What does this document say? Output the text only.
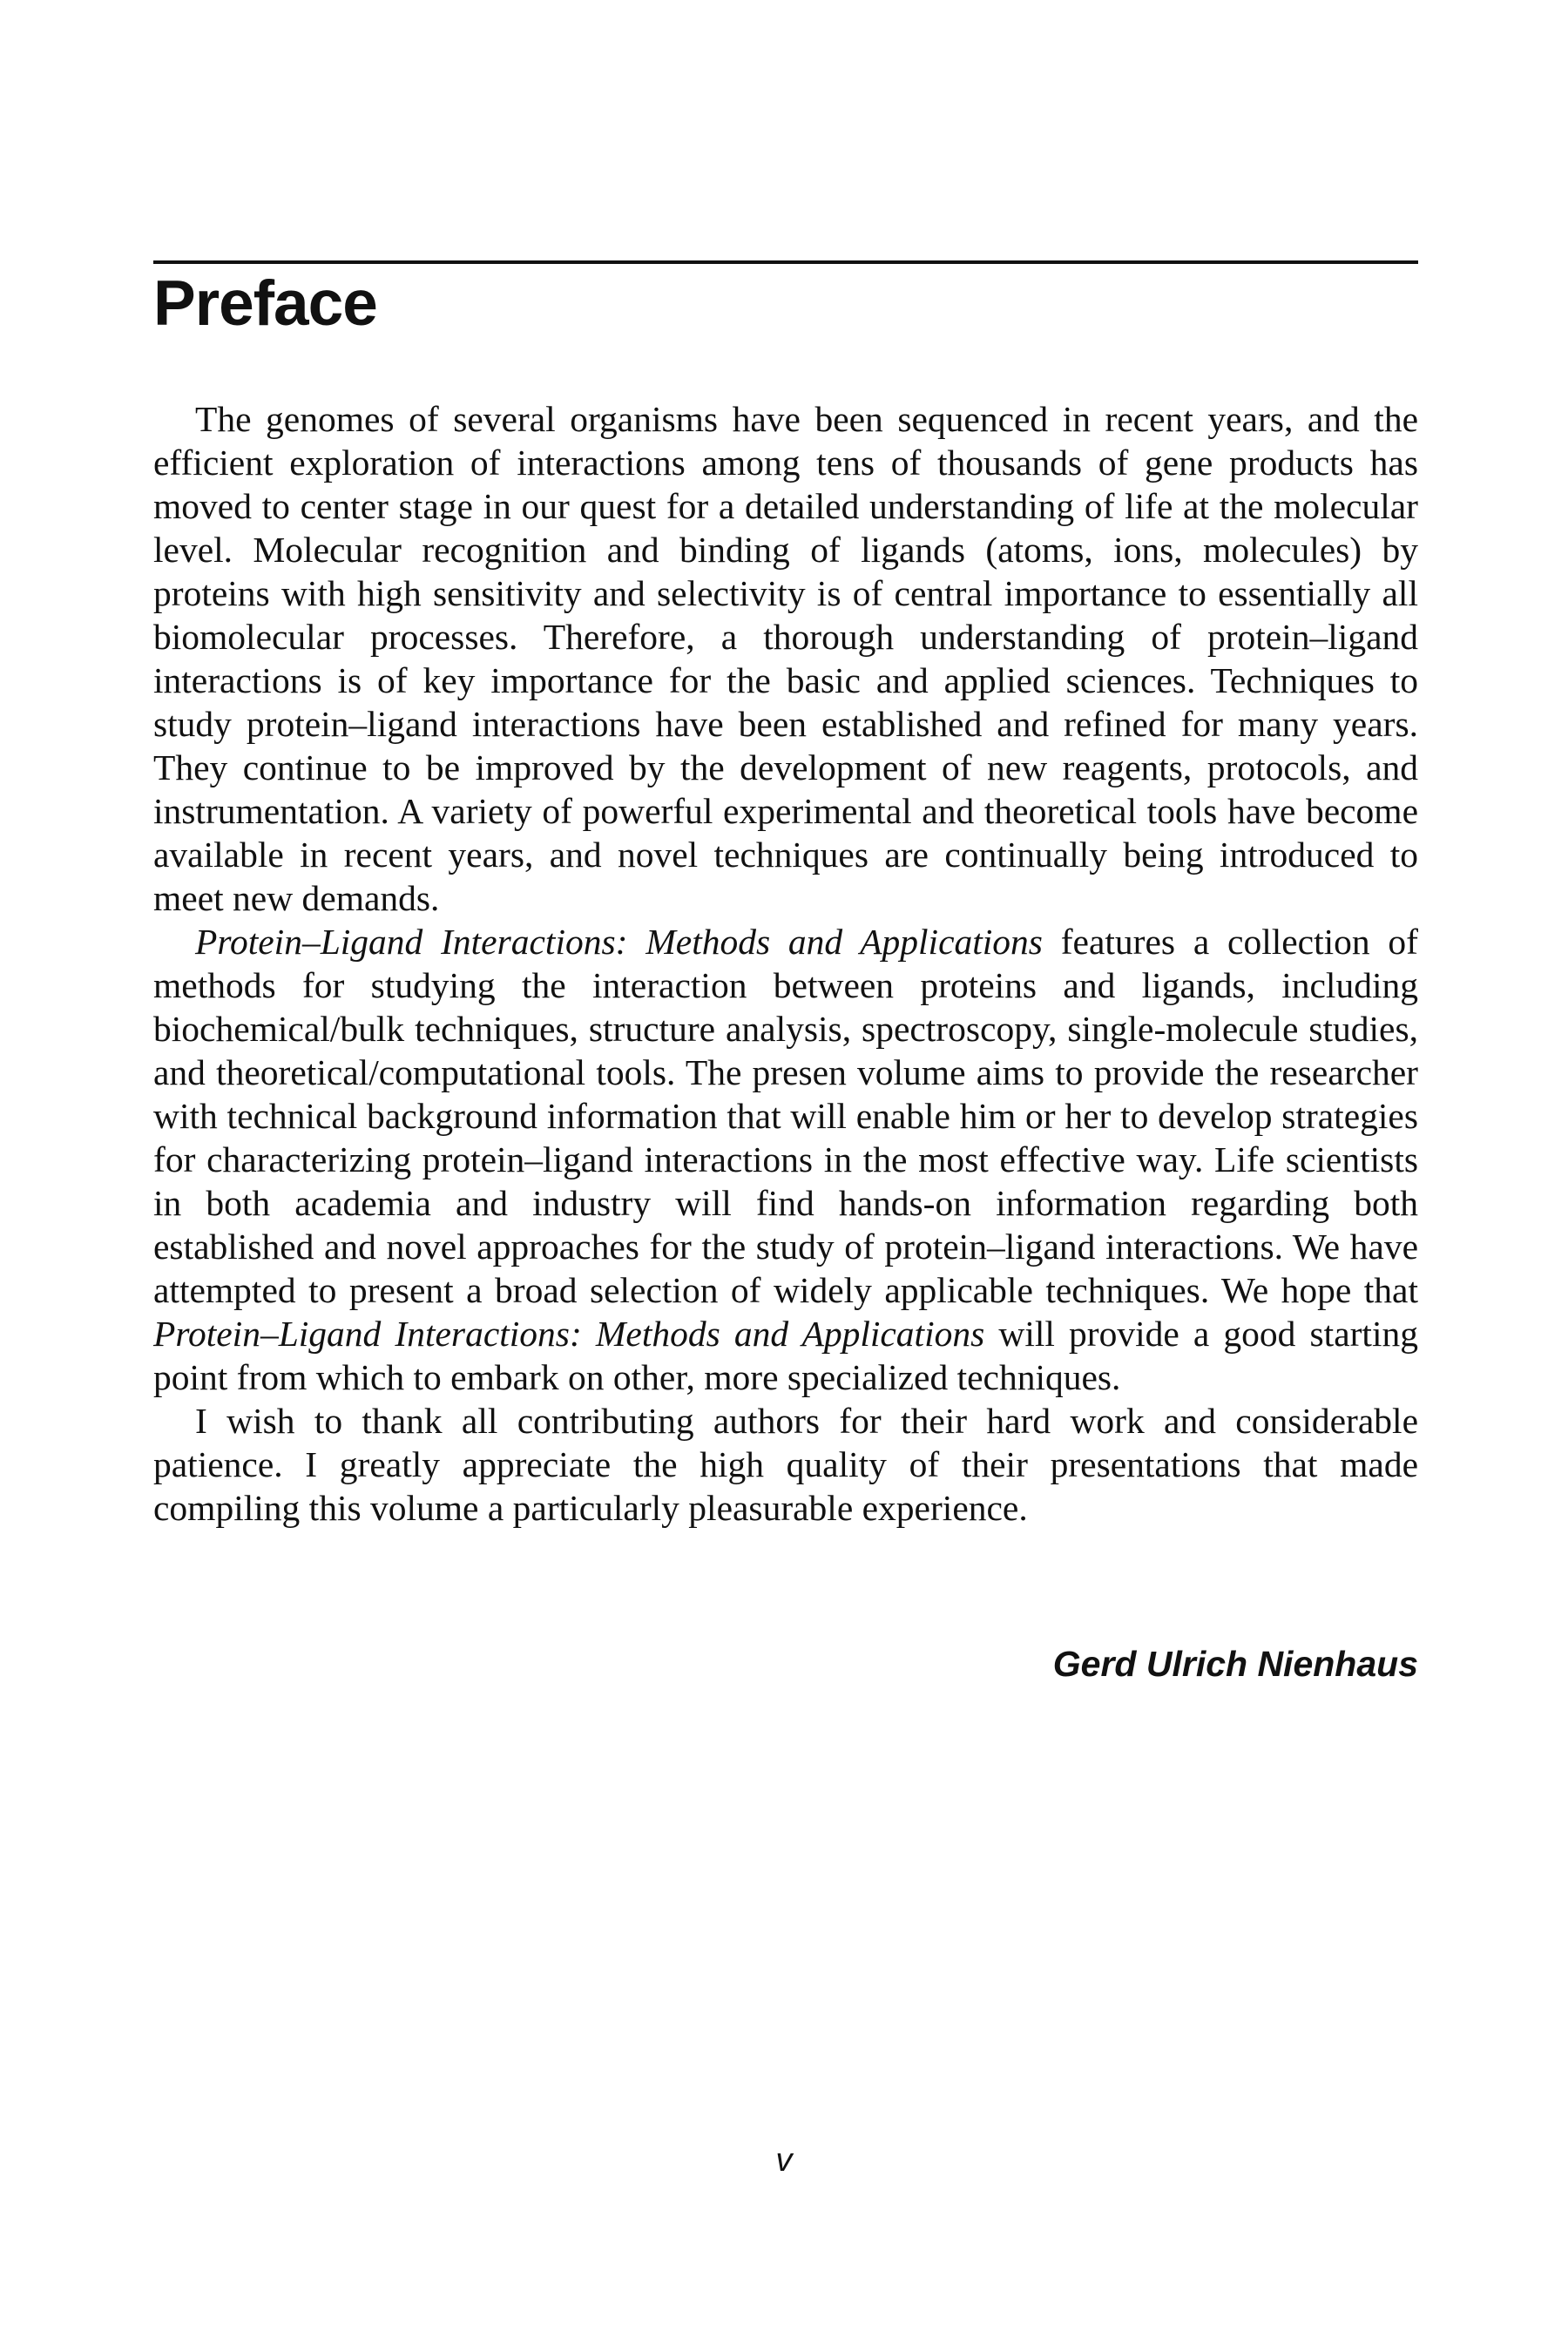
Preface

The genomes of several organisms have been sequenced in recent years, and the efficient exploration of interactions among tens of thousands of gene products has moved to center stage in our quest for a detailed understanding of life at the molecular level. Molecular recognition and binding of ligands (atoms, ions, molecules) by proteins with high sensitivity and selectivity is of central importance to essentially all biomolecular processes. Therefore, a thorough understanding of protein–ligand interactions is of key importance for the basic and applied sciences. Techniques to study protein–ligand interactions have been established and refined for many years. They continue to be improved by the development of new reagents, protocols, and instrumentation. A variety of powerful experimental and theoretical tools have become available in recent years, and novel techniques are continually being introduced to meet new demands.

Protein–Ligand Interactions: Methods and Applications features a collection of methods for studying the interaction between proteins and ligands, including biochemical/bulk techniques, structure analysis, spectroscopy, single-molecule studies, and theoretical/computational tools. The presen volume aims to provide the researcher with technical background information that will enable him or her to develop strategies for characterizing protein–ligand interactions in the most effective way. Life scientists in both academia and industry will find hands-on information regarding both established and novel approaches for the study of protein–ligand interactions. We have attempted to present a broad selection of widely applicable techniques. We hope that Protein–Ligand Interactions: Methods and Applications will provide a good starting point from which to embark on other, more specialized techniques.

I wish to thank all contributing authors for their hard work and considerable patience. I greatly appreciate the high quality of their presentations that made compiling this volume a particularly pleasurable experience.

Gerd Ulrich Nienhaus

v
